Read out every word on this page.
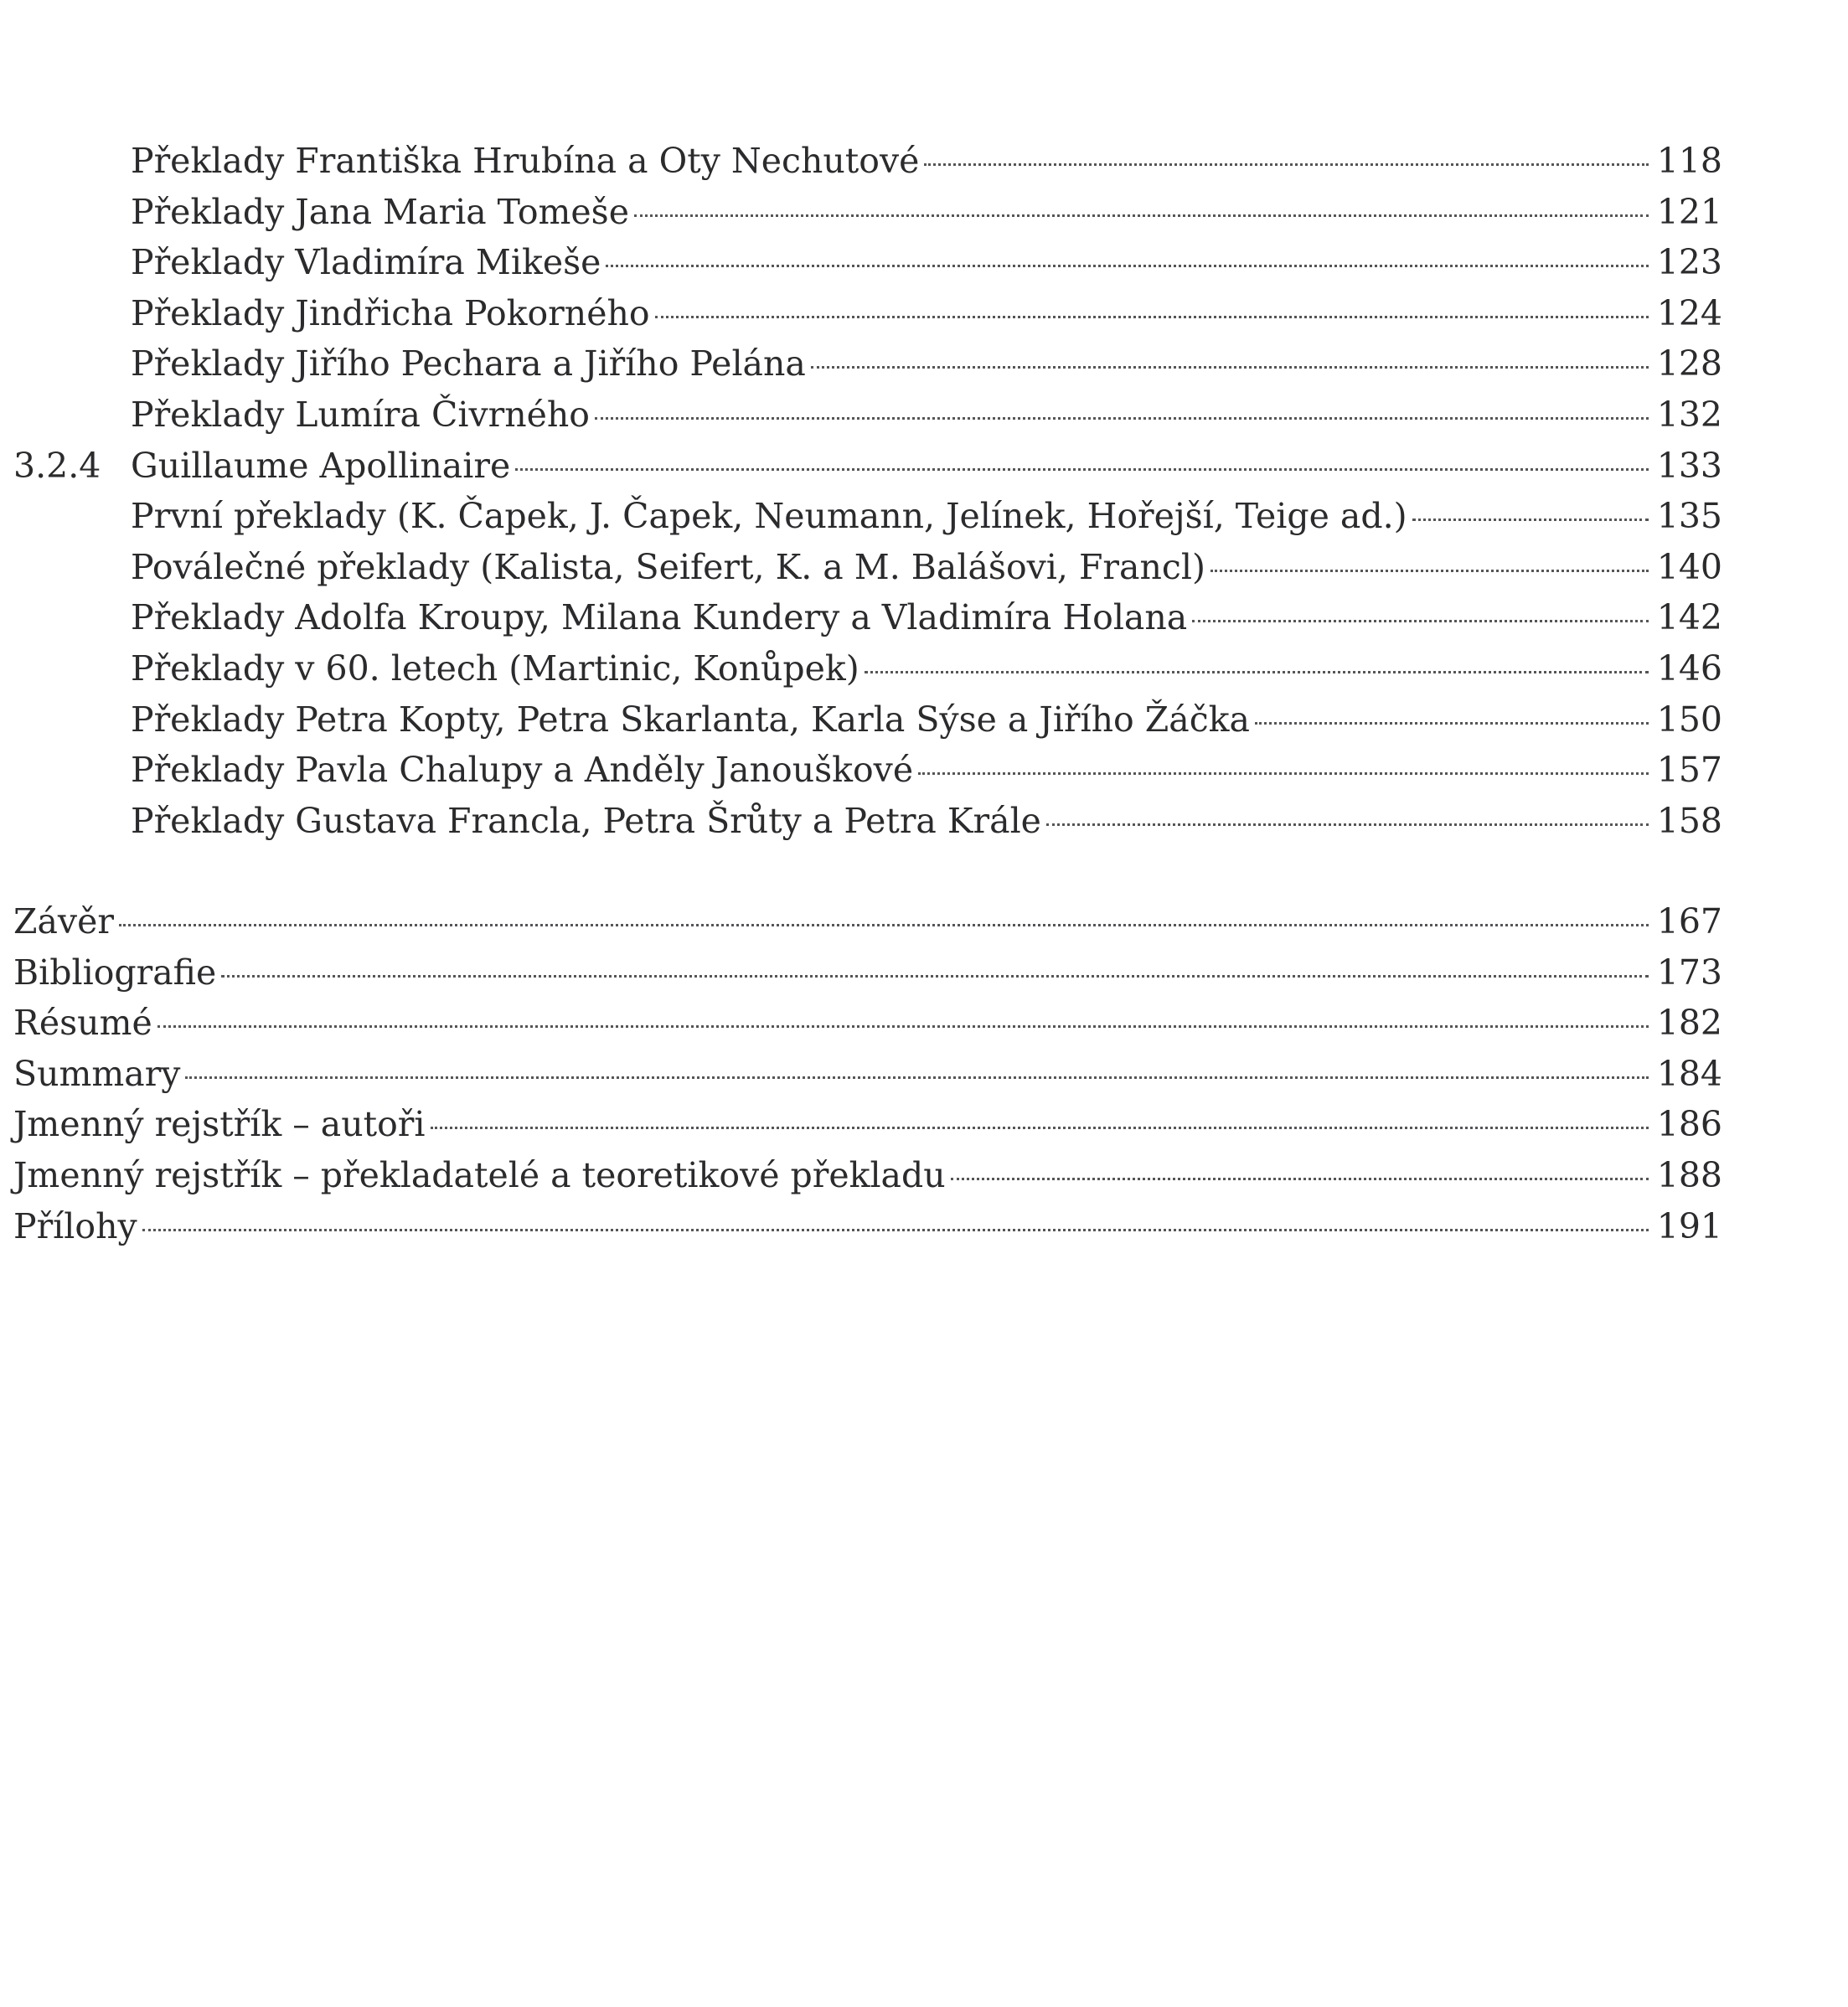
Překlady Františka Hrubína a Oty Nechutové	118
Překlady Jana Maria Tomeše	121
Překlady Vladimíra Mikeše	123
Překlady Jindřicha Pokorného	124
Překlady Jiřího Pechara a Jiřího Pelána	128
Překlady Lumíra Čivrného	132
3.2.4 Guillaume Apollinaire	133
První překlady (K. Čapek, J. Čapek, Neumann, Jelínek, Hořejší, Teige ad.)	135
Poválečné překlady (Kalista, Seifert, K. a M. Balášovi, Francl)	140
Překlady Adolfa Kroupy, Milana Kundery a Vladimíra Holana	142
Překlady v 60. letech (Martinic, Konůpek)	146
Překlady Petra Kopty, Petra Skarlanta, Karla Sýse a Jiřího Žáčka	150
Překlady Pavla Chalupy a Anděly Janouškové	157
Překlady Gustava Francla, Petra Šrůty a Petra Krále	158
Závěr	167
Bibliografie	173
Résumé	182
Summary	184
Jmenný rejstřík – autoři	186
Jmenný rejstřík – překladatelé a teoretikové překladu	188
Přílohy	191
